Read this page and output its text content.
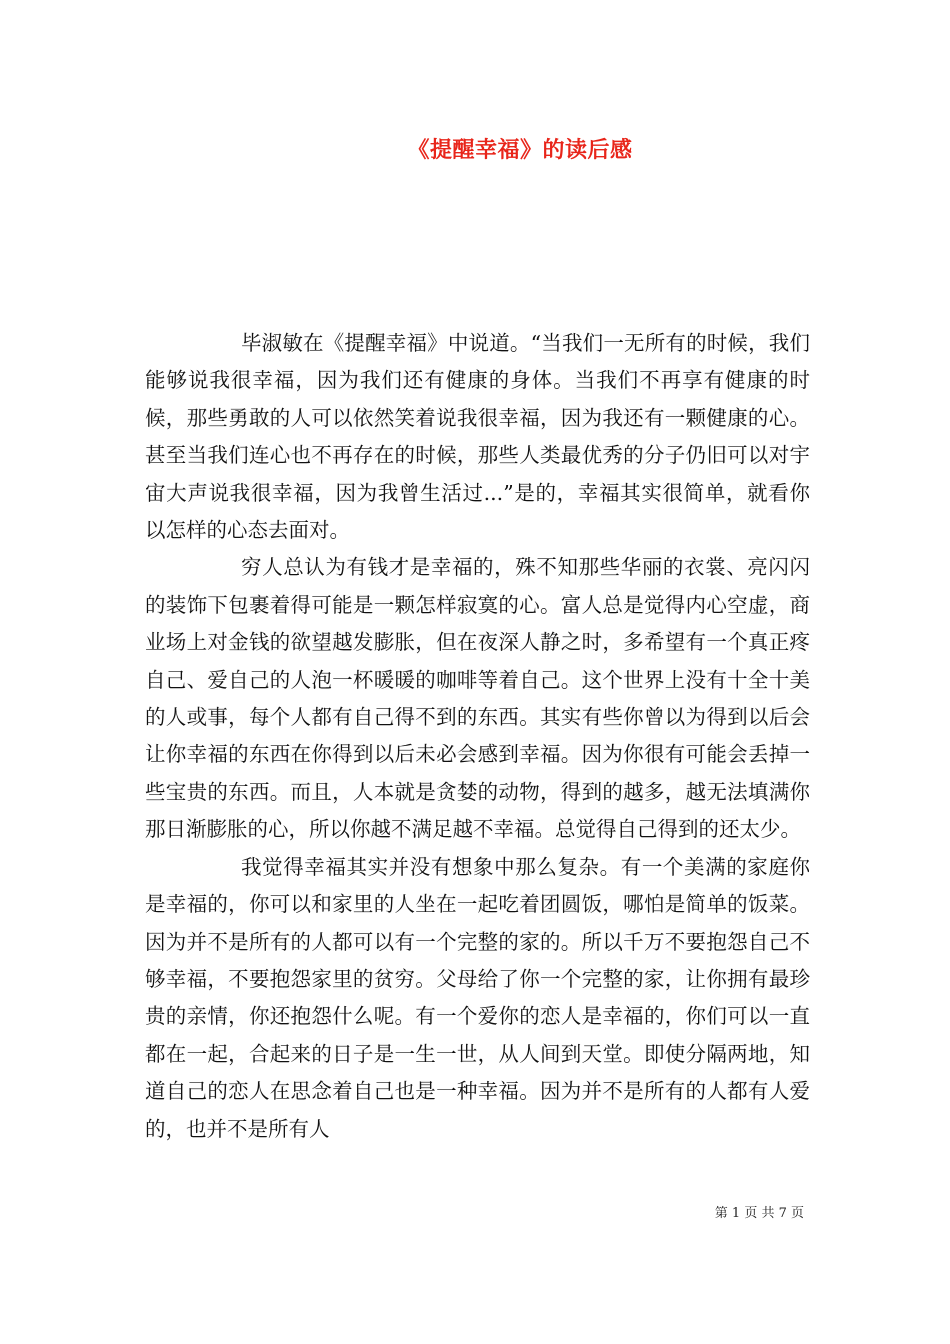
《提醒幸福》的读后感

毕淑敏在《提醒幸福》中说道。“当我们一无所有的时候，我们能够说我很幸福，因为我们还有健康的身体。当我们不再享有健康的时候，那些勇敢的人可以依然笑着说我很幸福，因为我还有一颗健康的心。甚至当我们连心也不再存在的时候，那些人类最优秀的分子仍旧可以对宇宙大声说我很幸福，因为我曾生活过...”是的，幸福其实很简单，就看你以怎样的心态去面对。

穷人总认为有钱才是幸福的，殊不知那些华丽的衣裳、亮闪闪的装饰下包裹着得可能是一颗怎样寂寞的心。富人总是觉得内心空虚，商业场上对金钱的欲望越发膨胀，但在夜深人静之时，多希望有一个真正疼自己、爱自己的人泡一杯暖暖的咖啡等着自己。这个世界上没有十全十美的人或事，每个人都有自己得不到的东西。其实有些你曾以为得到以后会让你幸福的东西在你得到以后未必会感到幸福。因为你很有可能会丢掉一些宝贵的东西。而且，人本就是贪婪的动物，得到的越多，越无法填满你那日渐膨胀的心，所以你越不满足越不幸福。总觉得自己得到的还太少。

我觉得幸福其实并没有想象中那么复杂。有一个美满的家庭你是幸福的，你可以和家里的人坐在一起吃着团圆饭，哪怕是简单的饭菜。因为并不是所有的人都可以有一个完整的家的。所以千万不要抱怨自己不够幸福，不要抱怨家里的贫穷。父母给了你一个完整的家，让你拥有最珍贵的亲情，你还抱怨什么呢。有一个爱你的恋人是幸福的，你们可以一直都在一起，合起来的日子是一生一世，从人间到天堂。即使分隔两地，知道自己的恋人在思念着自己也是一种幸福。因为并不是所有的人都有人爱的，也并不是所有人

第 1 页 共 7 页
